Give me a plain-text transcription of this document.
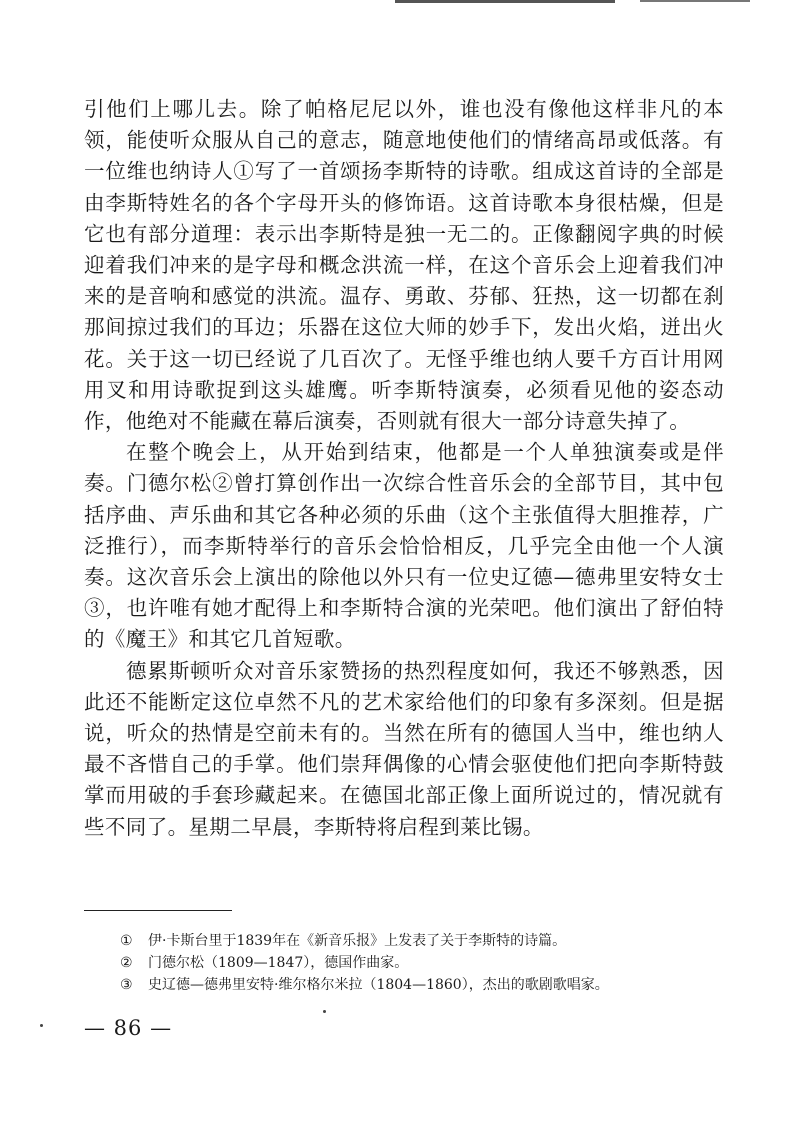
引他们上哪儿去。除了帕格尼尼以外，谁也没有像他这样非凡的本领，能使听众服从自己的意志，随意地使他们的情绪高昂或低落。有一位维也纳诗人①写了一首颂扬李斯特的诗歌。组成这首诗的全部是由李斯特姓名的各个字母开头的修饰语。这首诗歌本身很枯燥，但是它也有部分道理：表示出李斯特是独一无二的。正像翻阅字典的时候迎着我们冲来的是字母和概念洪流一样，在这个音乐会上迎着我们冲来的是音响和感觉的洪流。温存、勇敢、芬郁、狂热，这一切都在刹那间掠过我们的耳边；乐器在这位大师的妙手下，发出火焰，迸出火花。关于这一切已经说了几百次了。无怪乎维也纳人要千方百计用网用叉和用诗歌捉到这头雄鹰。听李斯特演奏，必须看见他的姿态动作，他绝对不能藏在幕后演奏，否则就有很大一部分诗意失掉了。

在整个晚会上，从开始到结束，他都是一个人单独演奏或是伴奏。门德尔松②曾打算创作出一次综合性音乐会的全部节目，其中包括序曲、声乐曲和其它各种必须的乐曲（这个主张值得大胆推荐，广泛推行），而李斯特举行的音乐会恰恰相反，几乎完全由他一个人演奏。这次音乐会上演出的除他以外只有一位史辽德—德弗里安特女士③，也许唯有她才配得上和李斯特合演的光荣吧。他们演出了舒伯特的《魔王》和其它几首短歌。

德累斯顿听众对音乐家赞扬的热烈程度如何，我还不够熟悉，因此还不能断定这位卓然不凡的艺术家给他们的印象有多深刻。但是据说，听众的热情是空前未有的。当然在所有的德国人当中，维也纳人最不吝惜自己的手掌。他们崇拜偶像的心情会驱使他们把向李斯特鼓掌而用破的手套珍藏起来。在德国北部正像上面所说过的，情况就有些不同了。星期二早晨，李斯特将启程到莱比锡。

① 伊·卡斯台里于1839年在《新音乐报》上发表了关于李斯特的诗篇。

② 门德尔松（1809—1847），德国作曲家。

③ 史辽德—德弗里安特·维尔格尔米拉（1804—1860），杰出的歌剧歌唱家。

— 86 —
